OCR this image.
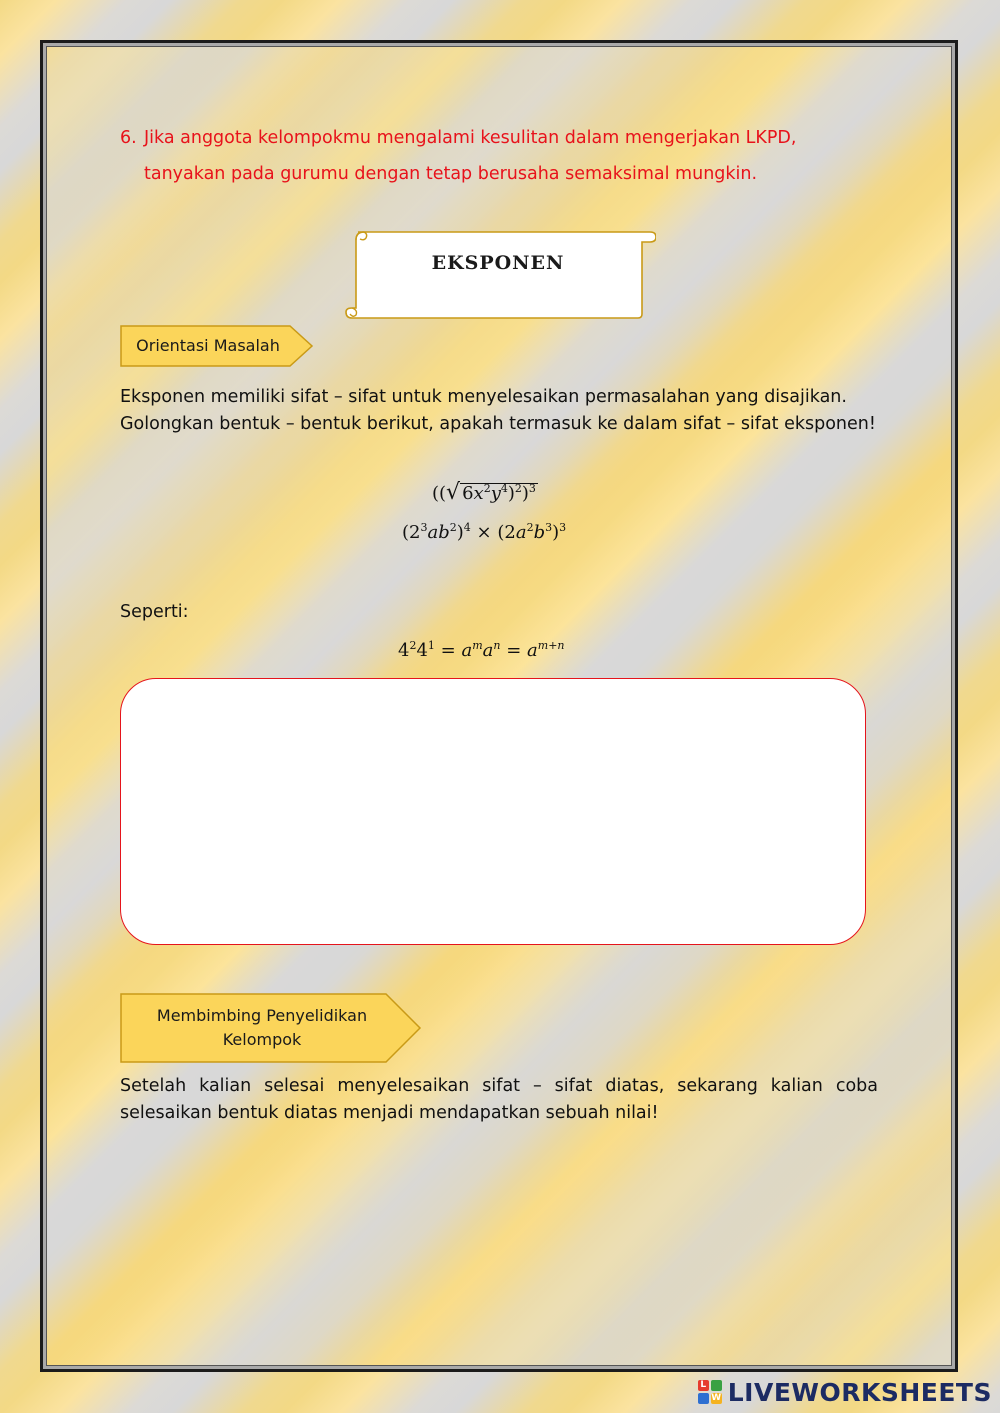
6. Jika anggota kelompokmu mengalami kesulitan dalam mengerjakan LKPD,
tanyakan pada gurumu dengan tetap berusaha semaksimal mungkin.

EKSPONEN
Orientasi Masalah

Eksponen memiliki sifat – sifat untuk menyelesaikan permasalahan yang disajikan. Golongkan bentuk – bentuk berikut, apakah termasuk ke dalam sifat – sifat eksponen!

((√ $6x^2y^4)^2)^3$
$(2^3ab^2)^4 \times (2a^2b^3)^3$

Seperti:

$4^24^1 = a^ma^n = a^{m+n}$
Membimbing Penyelidikan
Kelompok

Setelah kalian selesai menyelesaikan sifat – sifat diatas, sekarang kalian coba selesaikan bentuk diatas menjadi mendapatkan sebuah nilai!

L
W LIVEWORKSHEETS
